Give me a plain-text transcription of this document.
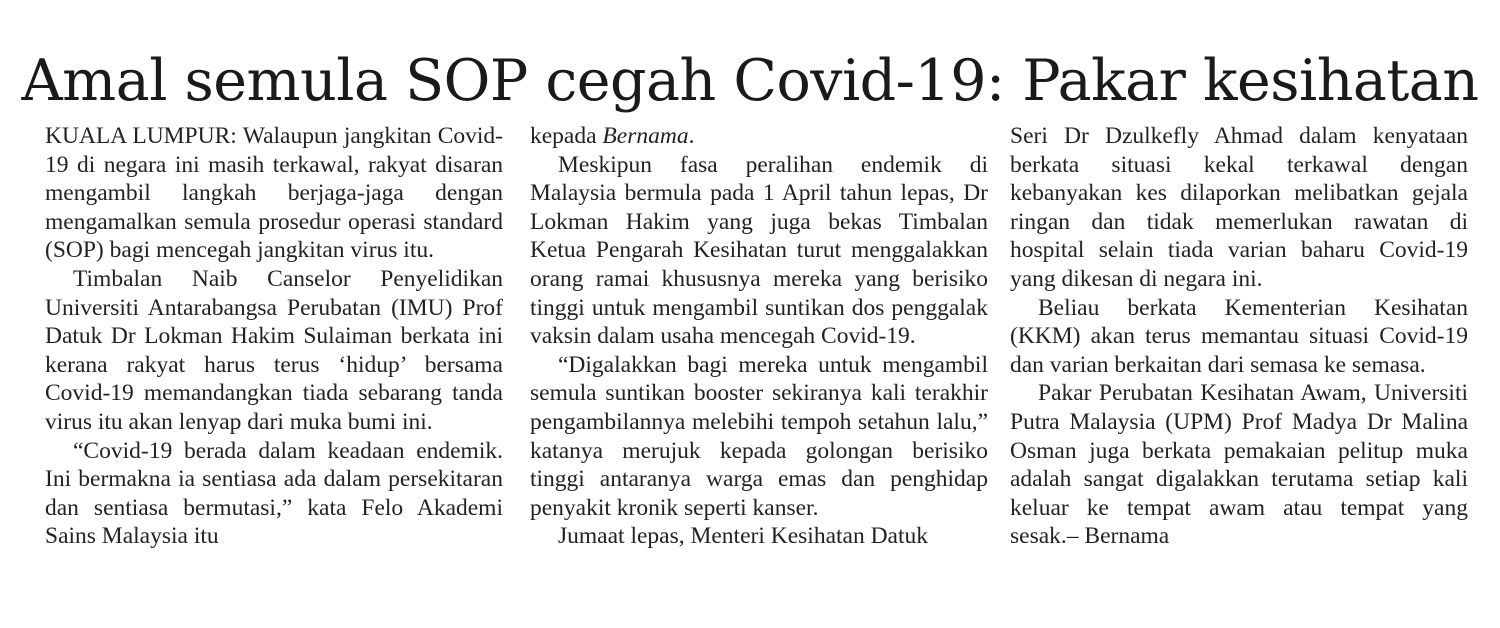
Amal semula SOP cegah Covid-19: Pakar kesihatan

KUALA LUMPUR: Walaupun jangkitan Covid-19 di negara ini masih terkawal, rakyat disaran mengambil langkah berjaga-jaga dengan mengamalkan semula prosedur operasi standard (SOP) bagi mencegah jangkitan virus itu.

Timbalan Naib Canselor Penyelidikan Universiti Antarabangsa Perubatan (IMU) Prof Datuk Dr Lokman Hakim Sulaiman berkata ini kerana rakyat harus terus ‘hidup’ bersama Covid-19 memandangkan tiada sebarang tanda virus itu akan lenyap dari muka bumi ini.

“Covid-19 berada dalam keadaan endemik. Ini bermakna ia sentiasa ada dalam persekitaran dan sentiasa bermutasi,” kata Felo Akademi Sains Malaysia itu

kepada Bernama.

Meskipun fasa peralihan endemik di Malaysia bermula pada 1 April tahun lepas, Dr Lokman Hakim yang juga bekas Timbalan Ketua Pengarah Kesihatan turut menggalakkan orang ramai khususnya mereka yang berisiko tinggi untuk mengambil suntikan dos penggalak vaksin dalam usaha mencegah Covid-19.

“Digalakkan bagi mereka untuk mengambil semula suntikan booster sekiranya kali terakhir pengambilannya melebihi tempoh setahun lalu,” katanya merujuk kepada golongan berisiko tinggi antaranya warga emas dan penghidap penyakit kronik seperti kanser.

Jumaat lepas, Menteri Kesihatan Datuk

Seri Dr Dzulkefly Ahmad dalam kenyataan berkata situasi kekal terkawal dengan kebanyakan kes dilaporkan melibatkan gejala ringan dan tidak memerlukan rawatan di hospital selain tiada varian baharu Covid-19 yang dikesan di negara ini.

Beliau berkata Kementerian Kesihatan (KKM) akan terus memantau situasi Covid-19 dan varian berkaitan dari semasa ke semasa.

Pakar Perubatan Kesihatan Awam, Universiti Putra Malaysia (UPM) Prof Madya Dr Malina Osman juga berkata pemakaian pelitup muka adalah sangat digalakkan terutama setiap kali keluar ke tempat awam atau tempat yang sesak.– Bernama
